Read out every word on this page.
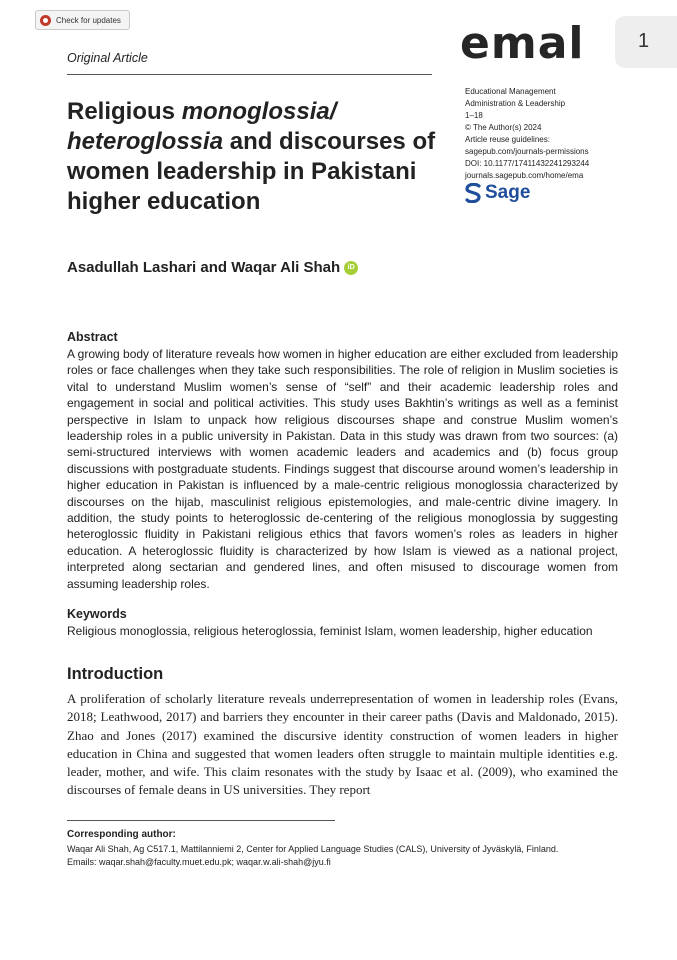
Check for updates
Original Article	emal	1
Educational Management
Administration & Leadership
1–18
© The Author(s) 2024
Article reuse guidelines:
sagepub.com/journals-permissions
DOI: 10.1177/17411432241293244
journals.sagepub.com/home/ema
Sage
Religious monoglossia/ heteroglossia and discourses of women leadership in Pakistani higher education
Asadullah Lashari and Waqar Ali Shah	iD
Abstract
A growing body of literature reveals how women in higher education are either excluded from leadership roles or face challenges when they take such responsibilities. The role of religion in Muslim societies is vital to understand Muslim women’s sense of “self” and their academic leadership roles and engagement in social and political activities. This study uses Bakhtin’s writings as well as a feminist perspective in Islam to unpack how religious discourses shape and construe Muslim women’s leadership roles in a public university in Pakistan. Data in this study was drawn from two sources: (a) semi-structured interviews with women academic leaders and academics and (b) focus group discussions with postgraduate students. Findings suggest that discourse around women’s leadership in higher education in Pakistan is influenced by a male-centric religious monoglossia characterized by discourses on the hijab, masculinist religious epistemologies, and male-centric divine imagery. In addition, the study points to heteroglossic de-centering of the religious monoglossia by suggesting heteroglossic fluidity in Pakistani religious ethics that favors women’s roles as leaders in higher education. A heteroglossic fluidity is characterized by how Islam is viewed as a national project, interpreted along sectarian and gendered lines, and often misused to discourage women from assuming leadership roles.
Keywords
Religious monoglossia, religious heteroglossia, feminist Islam, women leadership, higher education
Introduction
A proliferation of scholarly literature reveals underrepresentation of women in leadership roles (Evans, 2018; Leathwood, 2017) and barriers they encounter in their career paths (Davis and Maldonado, 2015). Zhao and Jones (2017) examined the discursive identity construction of women leaders in higher education in China and suggested that women leaders often struggle to maintain multiple identities e.g. leader, mother, and wife. This claim resonates with the study by Isaac et al. (2009), who examined the discourses of female deans in US universities. They report
Corresponding author:
Waqar Ali Shah, Ag C517.1, Mattilanniemi 2, Center for Applied Language Studies (CALS), University of Jyväskylä, Finland.
Emails: waqar.shah@faculty.muet.edu.pk; waqar.w.ali-shah@jyu.fi
